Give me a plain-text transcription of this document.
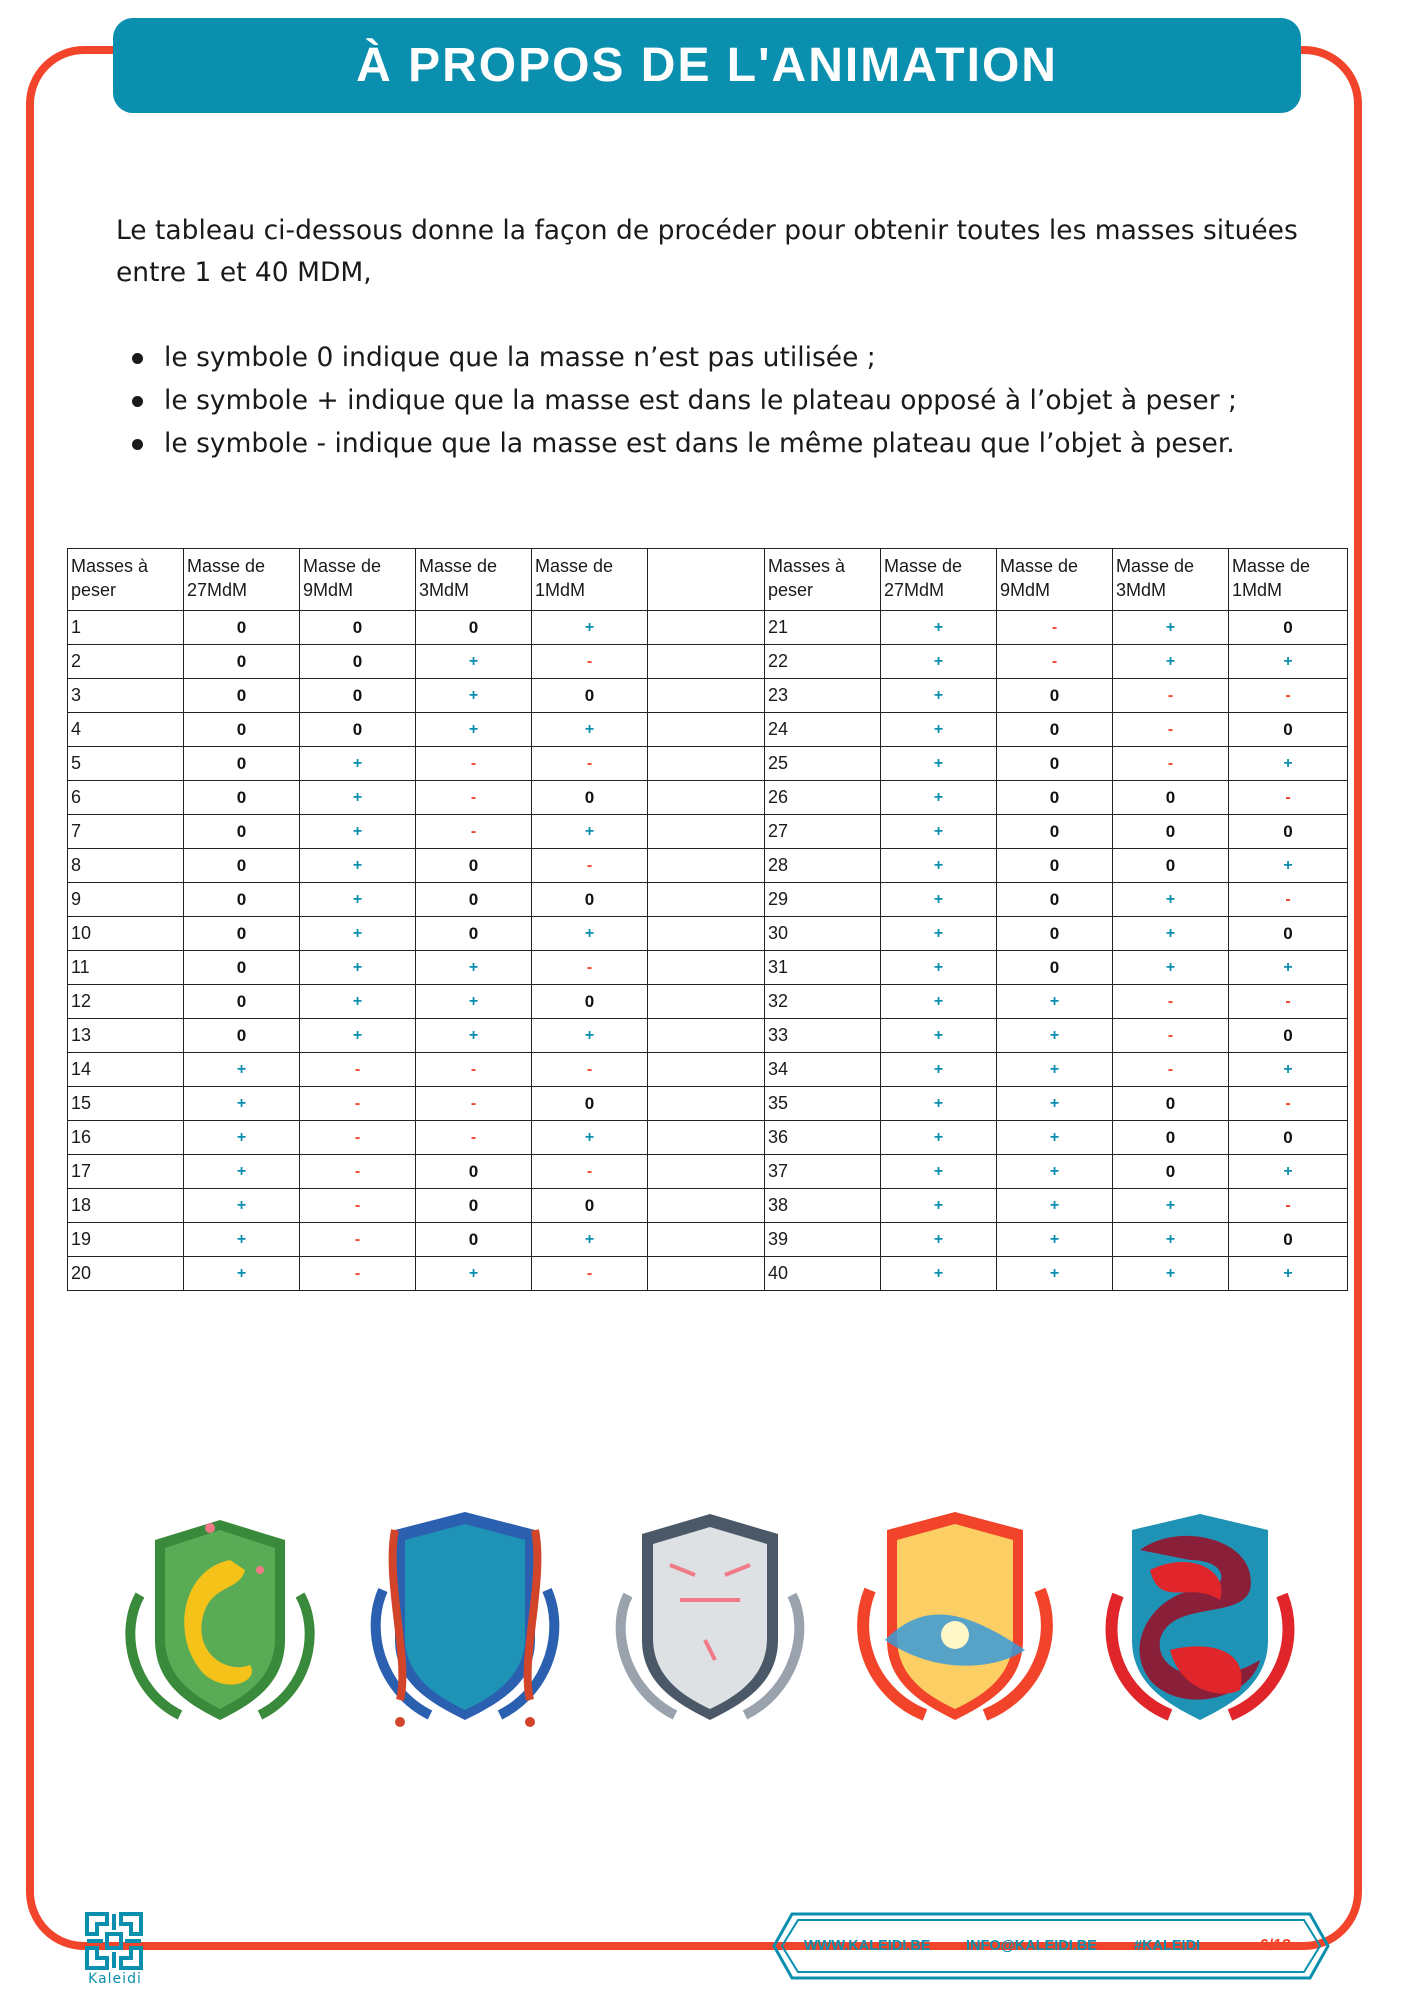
À PROPOS DE L'ANIMATION

Le tableau ci-dessous donne la façon de procéder pour obtenir toutes les masses situées entre 1 et 40 MDM,

le symbole 0 indique que la masse n’est pas utilisée ;
le symbole + indique que la masse est dans le plateau opposé à l’objet à peser ;
le symbole - indique que la masse est dans le même plateau que l’objet à peser.
Masses à peser	Masse de 27MdM	Masse de 9MdM	Masse de 3MdM	Masse de 1MdM		Masses à peser	Masse de 27MdM	Masse de 9MdM	Masse de 3MdM	Masse de 1MdM
1	0	0	0	+		21	+	-	+	0
2	0	0	+	-		22	+	-	+	+
3	0	0	+	0		23	+	0	-	-
4	0	0	+	+		24	+	0	-	0
5	0	+	-	-		25	+	0	-	+
6	0	+	-	0		26	+	0	0	-
7	0	+	-	+		27	+	0	0	0
8	0	+	0	-		28	+	0	0	+
9	0	+	0	0		29	+	0	+	-
10	0	+	0	+		30	+	0	+	0
11	0	+	+	-		31	+	0	+	+
12	0	+	+	0		32	+	+	-	-
13	0	+	+	+		33	+	+	-	0
14	+	-	-	-		34	+	+	-	+
15	+	-	-	0		35	+	+	0	-
16	+	-	-	+		36	+	+	0	0
17	+	-	0	-		37	+	+	0	+
18	+	-	0	0		38	+	+	+	-
19	+	-	0	+		39	+	+	+	0
20	+	-	+	-		40	+	+	+	+
WWW.KALEIDI.BE INFO@KALEIDI.BE	#KALEIDI	6/13
Kaleidi
